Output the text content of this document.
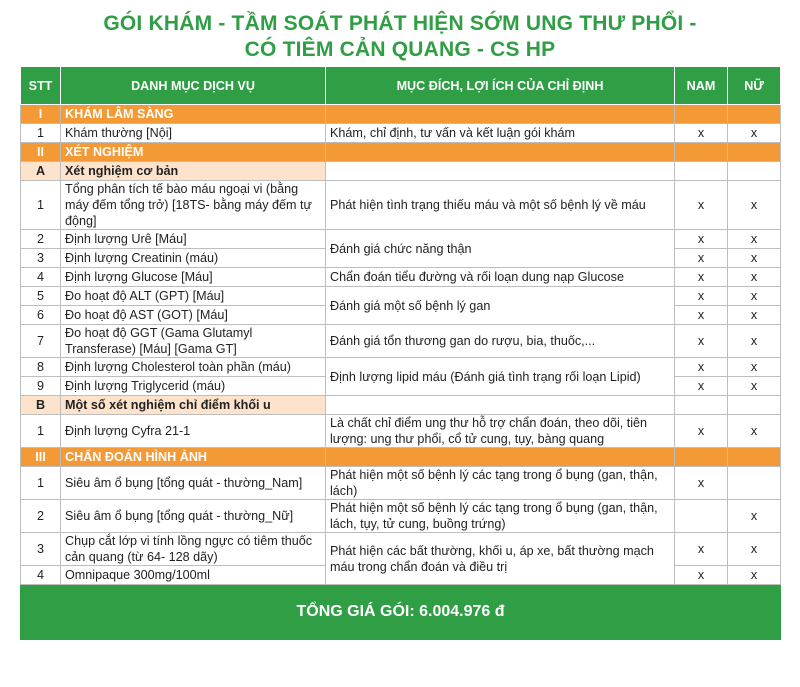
GÓI KHÁM - TẦM SOÁT PHÁT HIỆN SỚM UNG THƯ PHỔI -
CÓ TIÊM CẢN QUANG - CS HP
STT	DANH MỤC DỊCH VỤ	MỤC ĐÍCH, LỢI ÍCH CỦA CHỈ ĐỊNH	NAM	NỮ
I	KHÁM LÂM SÀNG			
1	Khám thường [Nội]	Khám, chỉ định, tư vấn và kết luận gói khám	x	x
II	XÉT NGHIỆM			
A	Xét nghiệm cơ bản			
1	Tổng phân tích tế bào máu ngoại vi (bằng máy đếm tổng trở) [18TS- bằng máy đếm tự động]	Phát hiện tình trạng thiếu máu và một số bệnh lý về máu	x	x
2	Định lượng Urê [Máu]	Đánh giá chức năng thận	x	x
3	Định lượng Creatinin (máu)		x	x
4	Định lượng Glucose [Máu]	Chẩn đoán tiểu đường và rối loạn dung nạp Glucose	x	x
5	Đo hoạt độ ALT (GPT) [Máu]	Đánh giá một số bệnh lý gan	x	x
6	Đo hoạt độ AST (GOT) [Máu]		x	x
7	Đo hoạt độ GGT (Gama Glutamyl Transferase) [Máu] [Gama GT]	Đánh giá tổn thương gan do rượu, bia, thuốc,...	x	x
8	Định lượng Cholesterol toàn phần (máu)	Định lượng lipid máu (Đánh giá tình trạng rối loạn Lipid)	x	x
9	Định lượng Triglycerid (máu)		x	x
B	Một số xét nghiệm chỉ điểm khối u			
1	Định lượng Cyfra 21-1	Là chất chỉ điểm ung thư hỗ trợ chẩn đoán, theo dõi, tiên lượng: ung thư phổi, cổ tử cung, tụy, bàng quang	x	x
III	CHẨN ĐOÁN HÌNH ẢNH			
1	Siêu âm ổ bụng [tổng quát - thường_Nam]	Phát hiện một số bệnh lý các tạng trong ổ bụng (gan, thận, lách)	x	
2	Siêu âm ổ bụng [tổng quát - thường_Nữ]	Phát hiện một số bệnh lý các tạng trong ổ bụng (gan, thận, lách, tụy, tử cung, buồng trứng)		x
3	Chụp cắt lớp vi tính lồng ngực có tiêm thuốc cản quang (từ 64- 128 dãy)	Phát hiện các bất thường, khối u, áp xe, bất thường mạch máu trong chẩn đoán và điều trị	x	x
4	Omnipaque 300mg/100ml		x	x
TỔNG GIÁ GÓI: 6.004.976 đ				
